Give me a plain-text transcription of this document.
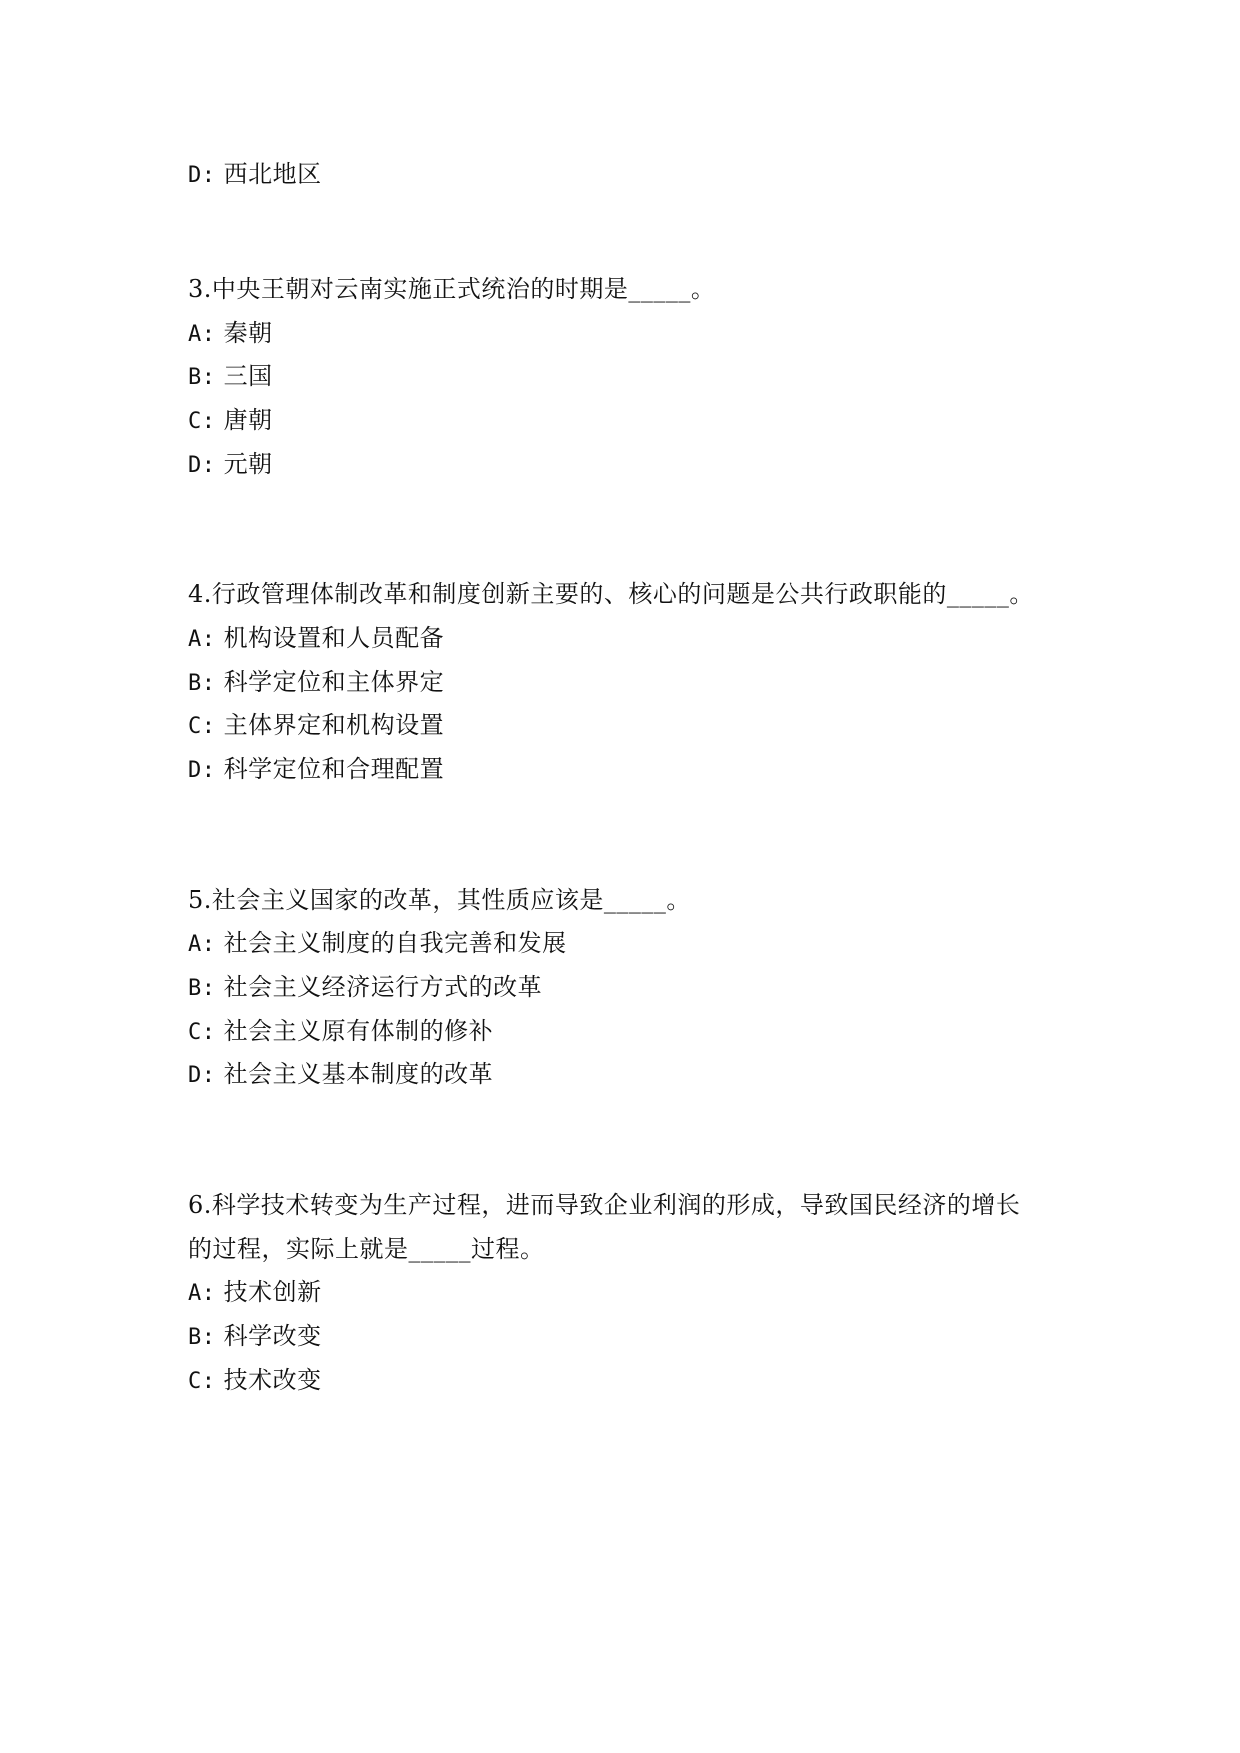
D: 西北地区
3.中央王朝对云南实施正式统治的时期是_____。
A: 秦朝
B: 三国
C: 唐朝
D: 元朝
4.行政管理体制改革和制度创新主要的、核心的问题是公共行政职能的_____。
A: 机构设置和人员配备
B: 科学定位和主体界定
C: 主体界定和机构设置
D: 科学定位和合理配置
5.社会主义国家的改革，其性质应该是_____。
A: 社会主义制度的自我完善和发展
B: 社会主义经济运行方式的改革
C: 社会主义原有体制的修补
D: 社会主义基本制度的改革
6.科学技术转变为生产过程，进而导致企业利润的形成，导致国民经济的增长
的过程，实际上就是_____过程。
A: 技术创新
B: 科学改变
C: 技术改变
